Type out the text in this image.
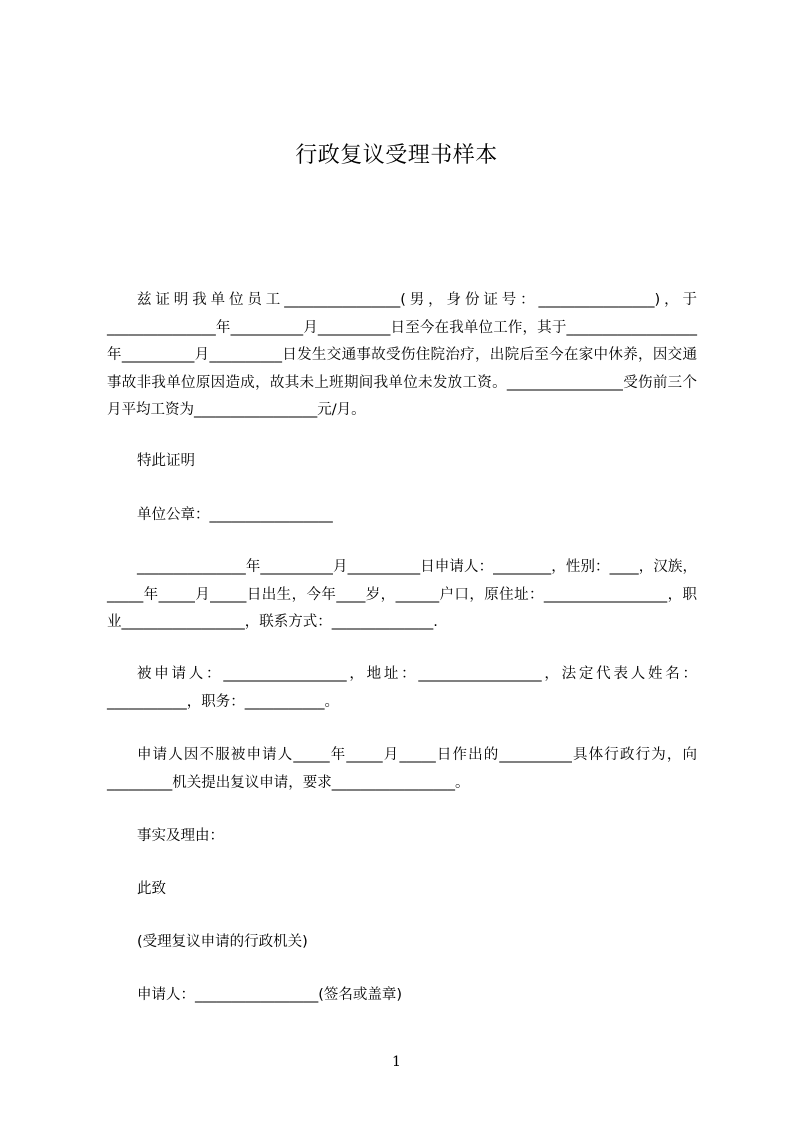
行政复议受理书样本
兹证明我单位员工________________(男，身份证号：________________)，于_______________年__________月__________日至今在我单位工作，其于__________________年__________月__________日发生交通事故受伤住院治疗，出院后至今在家中休养，因交通事故非我单位原因造成，故其未上班期间我单位未发放工资。________________受伤前三个月平均工资为_________________元/月。
特此证明
单位公章：_________________
_______________年__________月__________日申请人：________，性别：____，汉族，_____年_____月_____日出生，今年____岁，______户口，原住址：_________________，职业_________________，联系方式：______________.
被申请人：_________________，地址：_________________，法定代表人姓名：___________，职务：___________。
申请人因不服被申请人_____年_____月_____日作出的__________具体行政行为，向_________机关提出复议申请，要求_________________。
事实及理由：
此致
(受理复议申请的行政机关)
申请人：_________________(签名或盖章)
1
